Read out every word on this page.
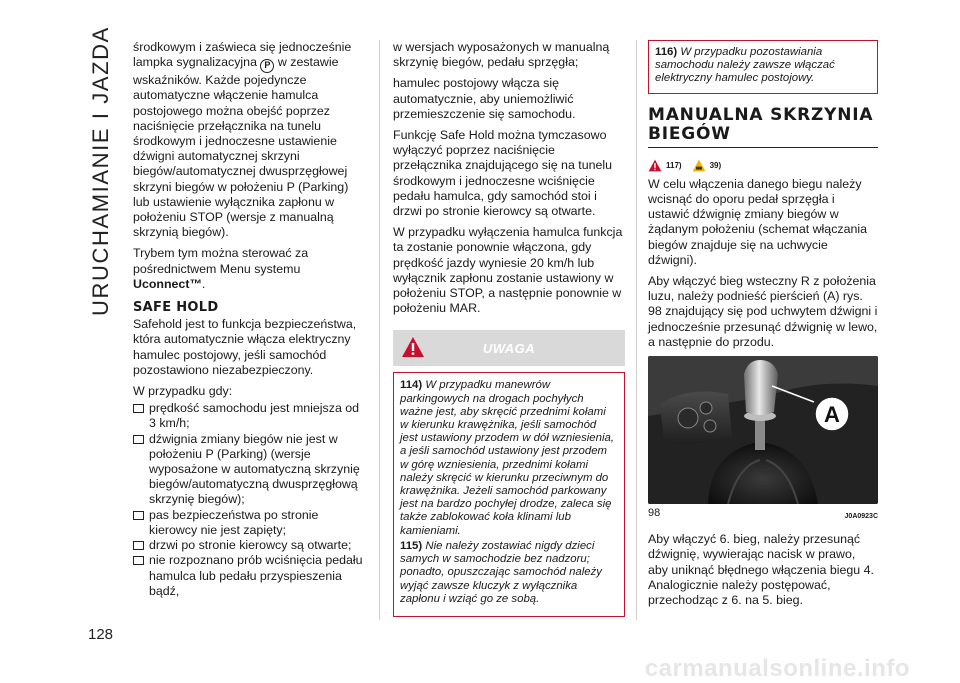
URUCHAMIANIE I JAZDA
128

środkowym i zaświeca się jednocześnie lampka sygnalizacyjna P w zestawie wskaźników. Każde pojedyncze automatyczne włączenie hamulca postojowego można obejść poprzez naciśnięcie przełącznika na tunelu środkowym i jednoczesne ustawienie dźwigni automatycznej skrzyni biegów/automatycznej dwusprzęgłowej skrzyni biegów w położeniu P (Parking) lub ustawienie wyłącznika zapłonu w położeniu STOP (wersje z manualną skrzynią biegów).

Trybem tym można sterować za pośrednictwem Menu systemu Uconnect™.

SAFE HOLD

Safehold jest to funkcja bezpieczeństwa, która automatycznie włącza elektryczny hamulec postojowy, jeśli samochód pozostawiono niezabezpieczony.

W przypadku gdy:

prędkość samochodu jest mniejsza od 3 km/h;
dźwignia zmiany biegów nie jest w położeniu P (Parking) (wersje wyposażone w automatyczną skrzynię biegów/automatyczną dwusprzęgłową skrzynię biegów);
pas bezpieczeństwa po stronie kierowcy nie jest zapięty;
drzwi po stronie kierowcy są otwarte;
nie rozpoznano prób wciśnięcia pedału hamulca lub pedału przyspieszenia bądź,

w wersjach wyposażonych w manualną skrzynię biegów, pedału sprzęgła;

hamulec postojowy włącza się automatycznie, aby uniemożliwić przemieszczenie się samochodu.

Funkcję Safe Hold można tymczasowo wyłączyć poprzez naciśnięcie przełącznika znajdującego się na tunelu środkowym i jednoczesne wciśnięcie pedału hamulca, gdy samochód stoi i drzwi po stronie kierowcy są otwarte.

W przypadku wyłączenia hamulca funkcja ta zostanie ponownie włączona, gdy prędkość jazdy wyniesie 20 km/h lub wyłącznik zapłonu zostanie ustawiony w położeniu STOP, a następnie ponownie w położeniu MAR.

UWAGA

114) W przypadku manewrów parkingowych na drogach pochyłych ważne jest, aby skręcić przednimi kołami w kierunku krawężnika, jeśli samochód jest ustawiony przodem w dół wzniesienia, a jeśli samochód ustawiony jest przodem w górę wzniesienia, przednimi kołami należy skręcić w kierunku przeciwnym do krawężnika. Jeżeli samochód parkowany jest na bardzo pochyłej drodze, zaleca się także zablokować koła klinami lub kamieniami.

115) Nie należy zostawiać nigdy dzieci samych w samochodzie bez nadzoru; ponadto, opuszczając samochód należy wyjąć zawsze kluczyk z wyłącznika zapłonu i wziąć go ze sobą.

116) W przypadku pozostawiania samochodu należy zawsze włączać elektryczny hamulec postojowy.
MANUALNA SKRZYNIA BIEGÓW
117)	39)

W celu włączenia danego biegu należy wcisnąć do oporu pedał sprzęgła i ustawić dźwignię zmiany biegów w żądanym położeniu (schemat włączania biegów znajduje się na uchwycie dźwigni).

Aby włączyć bieg wsteczny R z położenia luzu, należy podnieść pierścień (A) rys. 98 znajdujący się pod uchwytem dźwigni i jednocześnie przesunąć dźwignię w lewo, a następnie do przodu.

A
98	J0A0923C

Aby włączyć 6. bieg, należy przesunąć dźwignię, wywierając nacisk w prawo, aby uniknąć błędnego włączenia biegu 4. Analogicznie należy postępować, przechodząc z 6. na 5. bieg.

carmanualsonline.info
